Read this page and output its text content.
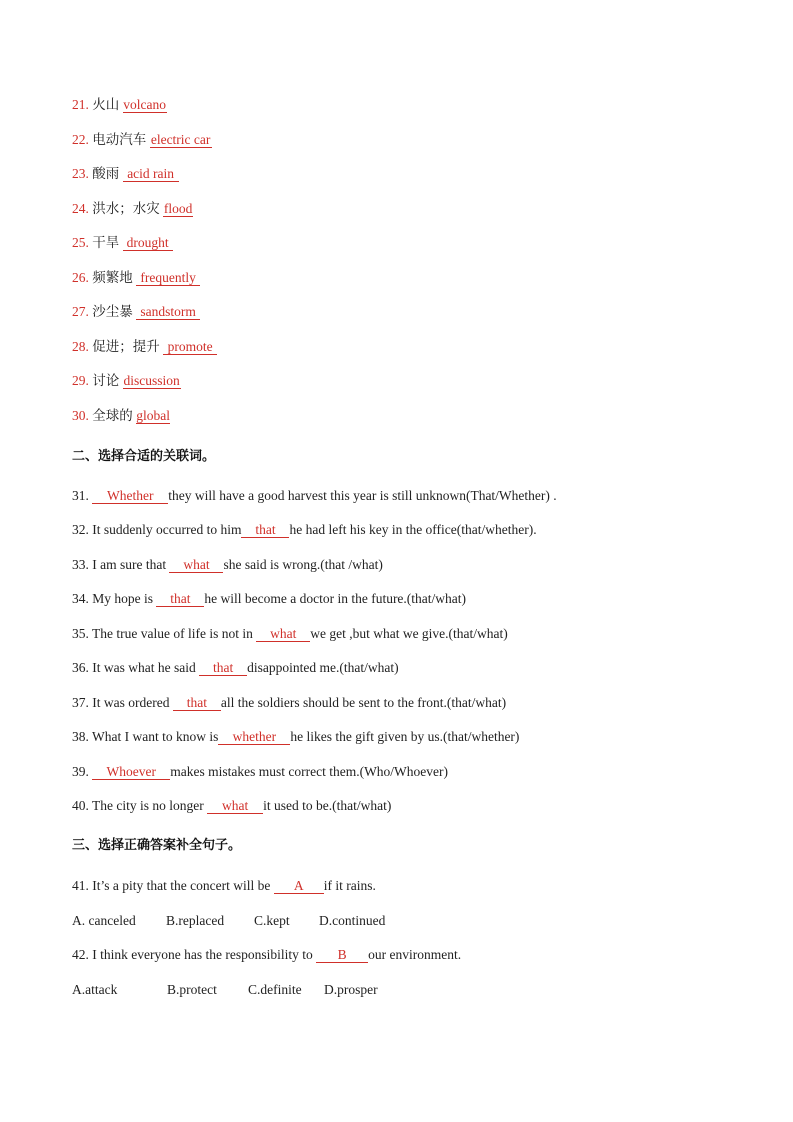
21. 火山 volcano
22. 电动汽车 electric car
23. 酸雨 acid rain
24. 洪水；水灾 flood
25. 干旱 drought
26. 频繁地 frequently
27. 沙尘暴 sandstorm
28. 促进；提升 promote
29. 讨论 discussion
30. 全球的 global
二、选择合适的关联词。
31. Whether they will have a good harvest this year is still unknown(That/Whether) .
32. It suddenly occurred to him that he had left his key in the office(that/whether).
33. I am sure that what she said is wrong.(that /what)
34. My hope is that he will become a doctor in the future.(that/what)
35. The true value of life is not in what we get ,but what we give.(that/what)
36. It was what he said that disappointed me.(that/what)
37. It was ordered that all the soldiers should be sent to the front.(that/what)
38. What I want to know is whether he likes the gift given by us.(that/whether)
39. Whoever makes mistakes must correct them.(Who/Whoever)
40. The city is no longer what it used to be.(that/what)
三、选择正确答案补全句子。
41. It’s a pity that the concert will be A if it rains.
A. canceled B.replaced C.kept D.continued
42. I think everyone has the responsibility to B our environment.
A.attack	B.protect C.definite D.prosper
